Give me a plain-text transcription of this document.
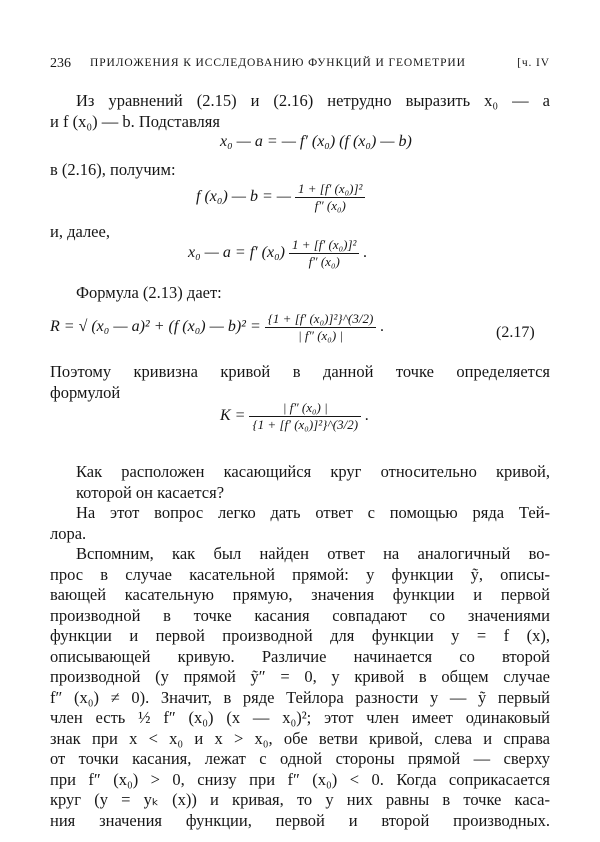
236 ПРИЛОЖЕНИЯ К ИССЛЕДОВАНИЮ ФУНКЦИЙ И ГЕОМЕТРИИ	[ч. IV
Из уравнений (2.15) и (2.16) нетрудно выразить x₀ — a
и f (x₀) — b. Подставляя
x₀ — a = — f′ (x₀) (f (x₀) — b)
в (2.16), получим:
f (x₀) — b = — $\frac{\text{1 + [f′ (x₀)]²}}{\text{f″ (x₀)}}$
и, далее,
x₀ — a = f′ $(x_0) \frac{\text{1 + [f′ (x₀)]²}}{\text{f″ (x₀)}}$ .
Формула (2.13) дает:
R = √ (x₀ — a)² + (f (x₀) — $b)^2 = \frac{\text{\{1 + [f′ (x₀)]²\}\textasciicircum{}(3/2)}}{\text{| f″ (x₀) |}}$ .	(2.17)
Поэтому кривизна кривой в данной точке определяется
формулой
$K = \frac{\text{| f″ (x₀) |}}{\text{\{1 + [f′ (x₀)]²\}\textasciicircum{}(3/2)}}$ .
Как расположен касающийся круг относительно кривой,
которой он касается?
На этот вопрос легко дать ответ с помощью ряда Тей-
лора.
Вспомним, как был найден ответ на аналогичный во-
прос в случае касательной прямой: у функции ỹ, описы-
вающей касательную прямую, значения функции и первой
производной в точке касания совпадают со значениями
функции и первой производной для функции y = f (x),
описывающей кривую. Различие начинается со второй
производной (у прямой ỹ″ = 0, у кривой в общем случае
f″ (x₀) ≠ 0). Значит, в ряде Тейлора разности y — ỹ первый
член есть ½ f″ (x₀) (x — x₀)²; этот член имеет одинаковый
знак при x < x₀ и x > x₀, обе ветви кривой, слева и справа
от точки касания, лежат с одной стороны прямой — сверху
при f″ (x₀) > 0, снизу при f″ (x₀) < 0. Когда соприкасается
круг (y = yₖ (x)) и кривая, то у них равны в точке каса-
ния значения функции, первой и второй производных.
